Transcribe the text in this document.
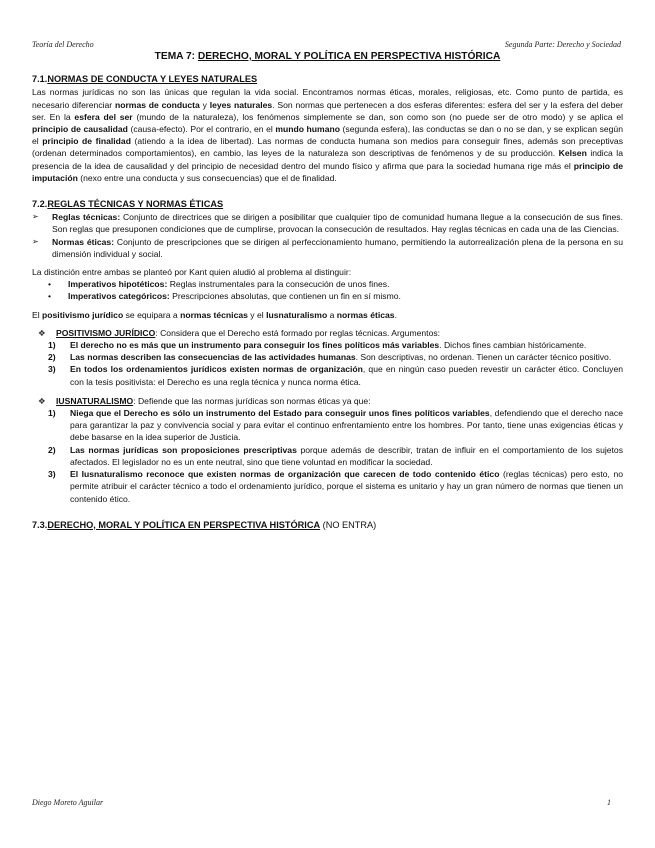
Teoría del Derecho	Segunda Parte: Derecho y Sociedad
TEMA 7: DERECHO, MORAL Y POLÍTICA EN PERSPECTIVA HISTÓRICA
7.1.NORMAS DE CONDUCTA Y LEYES NATURALES

Las normas jurídicas no son las únicas que regulan la vida social. Encontramos normas éticas, morales, religiosas, etc. Como punto de partida, es necesario diferenciar normas de conducta y leyes naturales. Son normas que pertenecen a dos esferas diferentes: esfera del ser y la esfera del deber ser. En la esfera del ser (mundo de la naturaleza), los fenómenos simplemente se dan, son como son (no puede ser de otro modo) y se aplica el principio de causalidad (causa-efecto). Por el contrario, en el mundo humano (segunda esfera), las conductas se dan o no se dan, y se explican según el principio de finalidad (atiendo a la idea de libertad). Las normas de conducta humana son medios para conseguir fines, además son preceptivas (ordenan determinados comportamientos), en cambio, las leyes de la naturaleza son descriptivas de fenómenos y de su producción. Kelsen indica la presencia de la idea de causalidad y del principio de necesidad dentro del mundo físico y afirma que para la sociedad humana rige más el principio de imputación (nexo entre una conducta y sus consecuencias) que el de finalidad.

7.2.REGLAS TÉCNICAS Y NORMAS ÉTICAS
➢	Reglas técnicas: Conjunto de directrices que se dirigen a posibilitar que cualquier tipo de comunidad humana llegue a la consecución de sus fines. Son reglas que presuponen condiciones que de cumplirse, provocan la consecución de resultados. Hay reglas técnicas en cada una de las Ciencias.
➢	Normas éticas: Conjunto de prescripciones que se dirigen al perfeccionamiento humano, permitiendo la autorrealización plena de la persona en su dimensión individual y social.

La distinción entre ambas se planteó por Kant quien aludió al problema al distinguir:

•	Imperativos hipotéticos: Reglas instrumentales para la consecución de unos fines.
•	Imperativos categóricos: Prescripciones absolutas, que contienen un fin en sí mismo.

El positivismo jurídico se equipara a normas técnicas y el Iusnaturalismo a normas éticas.

❖	POSITIVISMO JURÍDICO: Considera que el Derecho está formado por reglas técnicas. Argumentos:
1)	El derecho no es más que un instrumento para conseguir los fines políticos más variables. Dichos fines cambian históricamente.
2)	Las normas describen las consecuencias de las actividades humanas. Son descriptivas, no ordenan. Tienen un carácter técnico positivo.
3)	En todos los ordenamientos jurídicos existen normas de organización, que en ningún caso pueden revestir un carácter ético. Concluyen con la tesis positivista: el Derecho es una regla técnica y nunca norma ética.
❖	IUSNATURALISMO: Defiende que las normas jurídicas son normas éticas ya que:
1)	Niega que el Derecho es sólo un instrumento del Estado para conseguir unos fines políticos variables, defendiendo que el derecho nace para garantizar la paz y convivencia social y para evitar el continuo enfrentamiento entre los hombres. Por tanto, tiene unas exigencias éticas y debe basarse en la idea superior de Justicia.
2)	Las normas jurídicas son proposiciones prescriptivas porque además de describir, tratan de influir en el comportamiento de los sujetos afectados. El legislador no es un ente neutral, sino que tiene voluntad en modificar la sociedad.
3)	El Iusnaturalismo reconoce que existen normas de organización que carecen de todo contenido ético (reglas técnicas) pero esto, no permite atribuir el carácter técnico a todo el ordenamiento jurídico, porque el sistema es unitario y hay un gran número de normas que tienen un contenido ético.
7.3.DERECHO, MORAL Y POLÍTICA EN PERSPECTIVA HISTÓRICA (NO ENTRA)
Diego Moreto Aguilar	1
